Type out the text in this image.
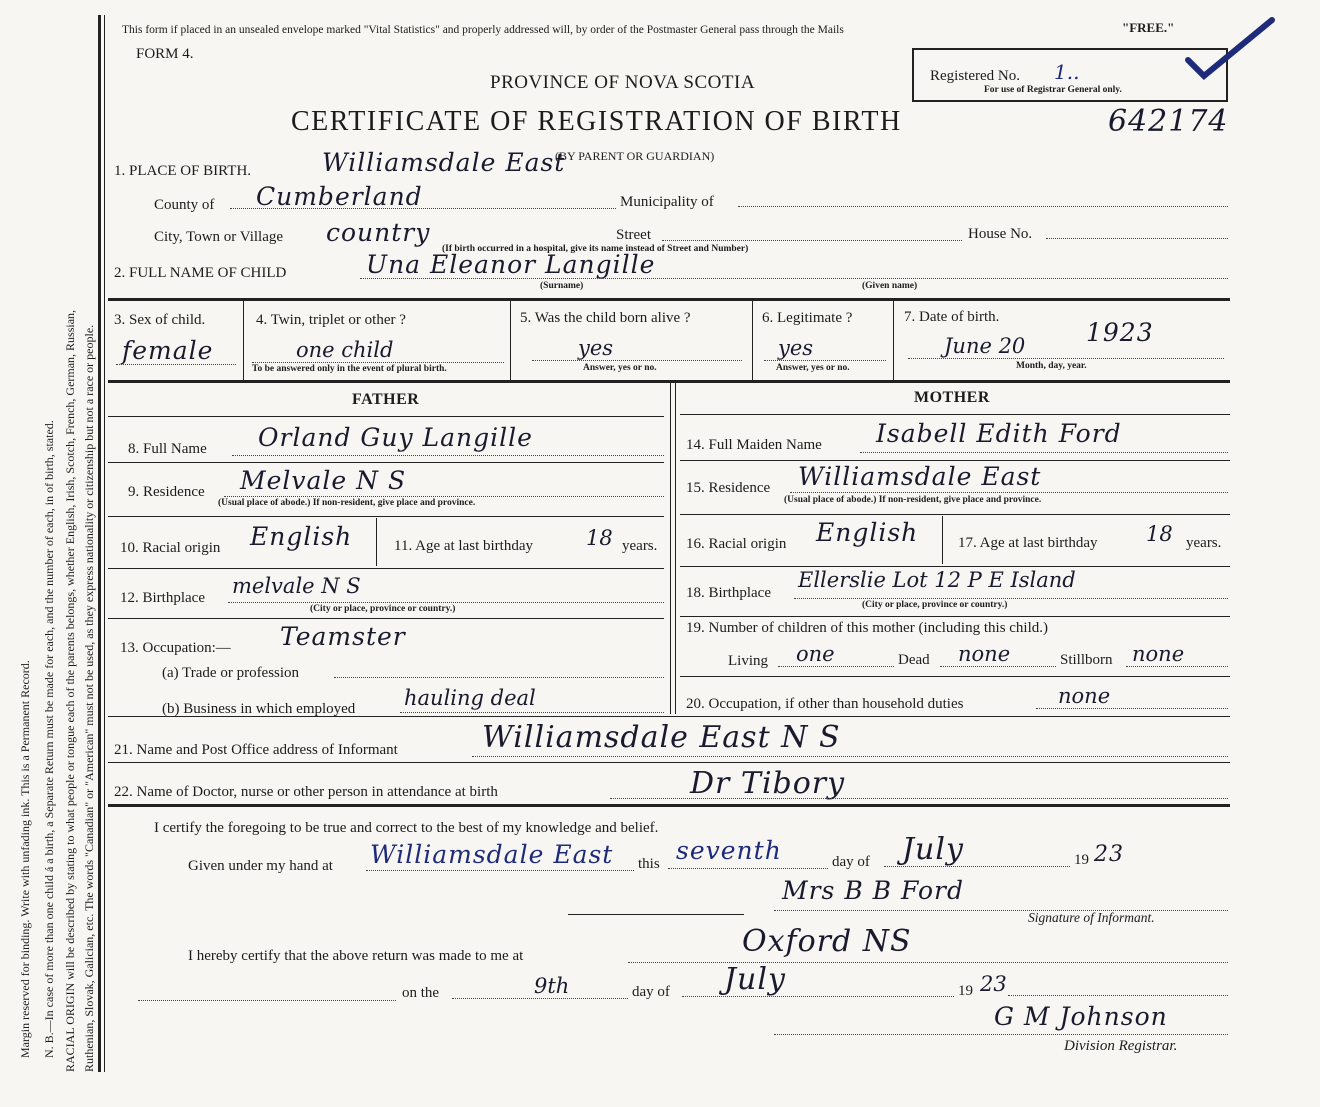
Margin reserved for binding. Write with unfading ink. This is a Permanent Record. N. B.—In case of more than one child á a birth, a Separate Return must be made for each, and the number of each, in of birth, stated. RACIAL ORIGIN will be described by stating to what people or tongue each of the parents belongs, whether English, Irish, Scotch, French, German, Russian, Ruthenian, Slovak, Galician, etc. The words "Canadian" or "American" must not be used, as they express nationality or citizenship but not a race or people.
This form if placed in an unsealed envelope marked "Vital Statistics" and properly addressed will, by order of the Postmaster General pass through the Mails	"FREE."
FORM 4.
PROVINCE OF NOVA SCOTIA
CERTIFICATE OF REGISTRATION OF BIRTH
Registered No. 1..
For use of Registrar General only.
642174
1. PLACE OF BIRTH.	Williamsdale East
(BY PARENT OR GUARDIAN)
County of Cumberland	Municipality of
City, Town or Village country	Street	House No.
(If birth occurred in a hospital, give its name instead of Street and Number)
2. FULL NAME OF CHILD	Una Eleanor Langille
(Surname)	(Given name)
3. Sex of child.
female
4. Twin, triplet or other ?
one child
To be answered only in the event of plural birth.
5. Was the child born alive ?
yes
Answer, yes or no.
6. Legitimate ?
yes
Answer, yes or no.
7. Date of birth.
June 20 1923
Month, day, year.
FATHER
8. Full Name Orland Guy Langille
9. Residence Melvale N S
(Usual place of abode.) If non-resident, give place and province.
10. Racial origin English	11. Age at last birthday	18 years.
12. Birthplace melvale N S
(City or place, province or country.)
13. Occupation:— Teamster
(a) Trade or profession
(b) Business in which employed hauling deal
MOTHER
14. Full Maiden Name Isabell Edith Ford
15. Residence Williamsdale East
(Usual place of abode.) If non-resident, give place and province.
16. Racial origin English	17. Age at last birthday 18 years.
18. Birthplace
Ellerslie Lot 12 P E Island
(City or place, province or country.)
19. Number of children of this mother (including this child.)
Living one	Dead none	Stillborn none
20. Occupation, if other than household duties	none
21. Name and Post Office address of Informant	Williamsdale East N S
22. Name of Doctor, nurse or other person in attendance at birth	Dr Tibory
I certify the foregoing to be true and correct to the best of my knowledge and belief.
Given under my hand at Williamsdale East this seventh	day of July	19 23
Mrs B B Ford
Signature of Informant.
I hereby certify that the above return was made to me at	Oxford NS
on the	9th	day of July	19 23
G M Johnson
Division Registrar.
